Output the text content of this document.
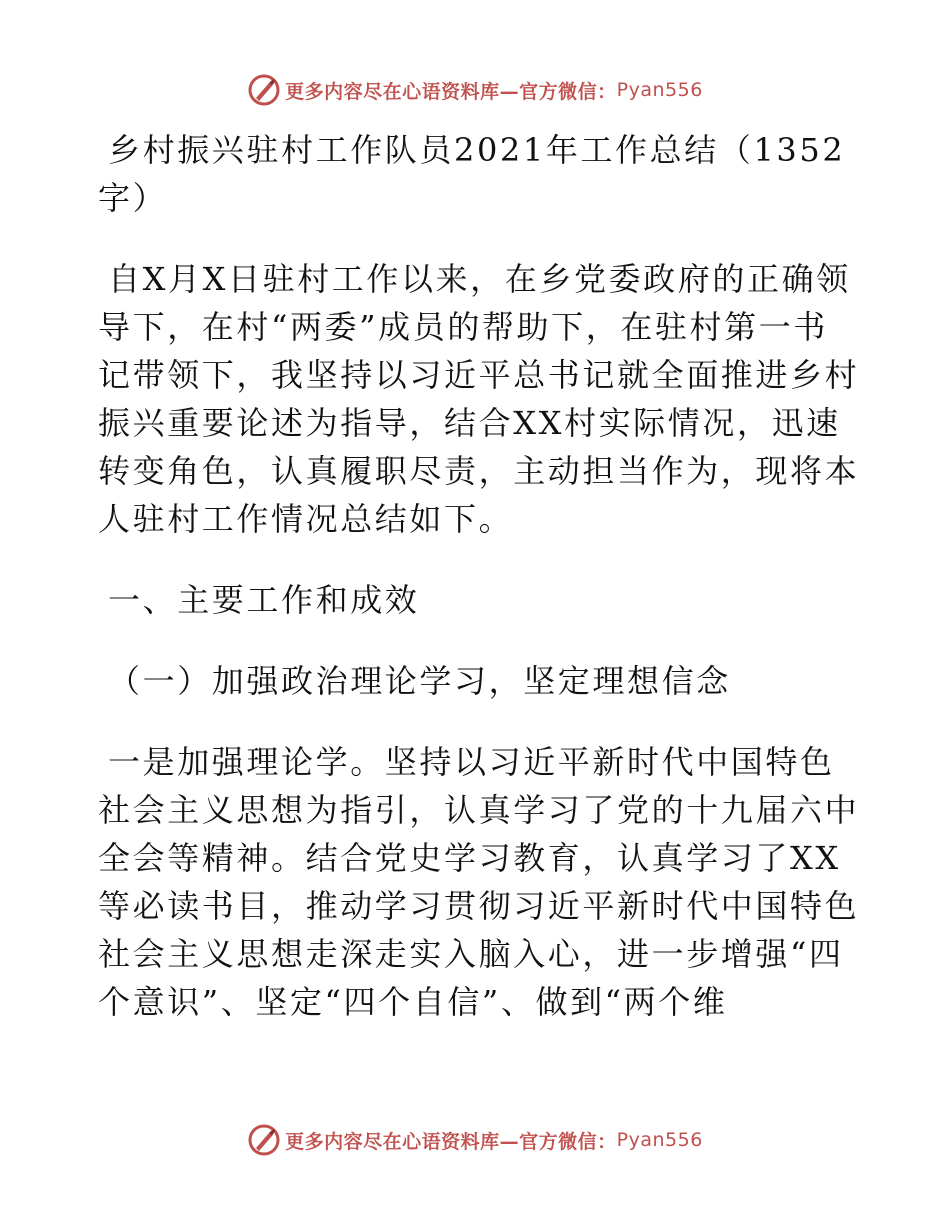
更多内容尽在心语资料库—官方微信： Pyan556
乡村振兴驻村工作队员2021年工作总结（1352
字）
自X月X日驻村工作以来，在乡党委政府的正确领
导下，在村“两委”成员的帮助下，在驻村第一书
记带领下，我坚持以习近平总书记就全面推进乡村
振兴重要论述为指导，结合XX村实际情况，迅速
转变角色，认真履职尽责，主动担当作为，现将本
人驻村工作情况总结如下。
一、主要工作和成效
（一）加强政治理论学习，坚定理想信念
一是加强理论学。坚持以习近平新时代中国特色
社会主义思想为指引，认真学习了党的十九届六中
全会等精神。结合党史学习教育，认真学习了XX
等必读书目，推动学习贯彻习近平新时代中国特色
社会主义思想走深走实入脑入心，进一步增强“四
个意识”、坚定“四个自信”、做到“两个维
更多内容尽在心语资料库—官方微信： Pyan556
